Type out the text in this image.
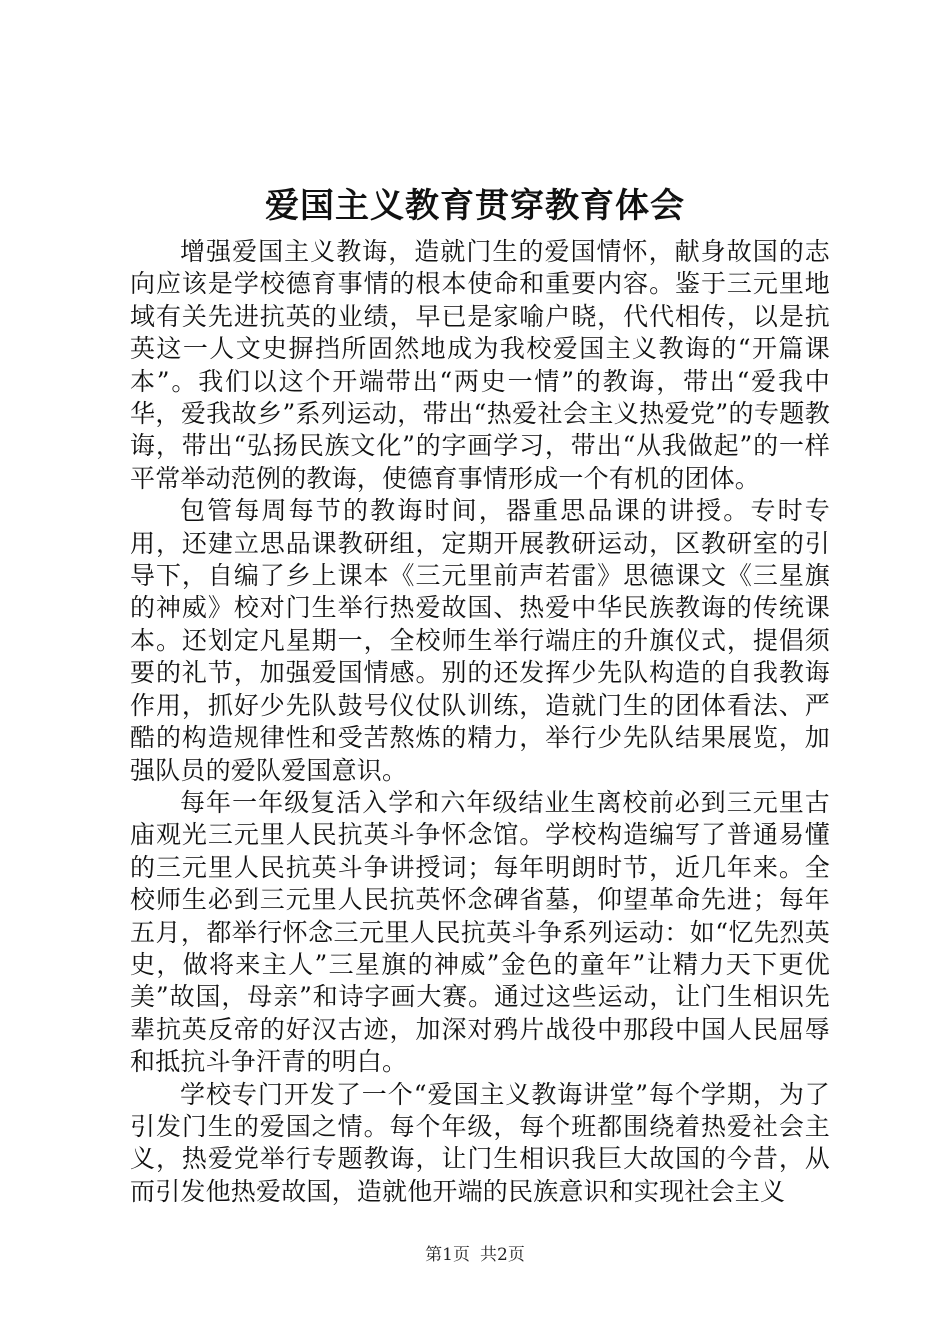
爱国主义教育贯穿教育体会

增强爱国主义教诲，造就门生的爱国情怀，献身故国的志向应该是学校德育事情的根本使命和重要内容。鉴于三元里地域有关先进抗英的业绩，早已是家喻户晓，代代相传，以是抗英这一人文史摒挡所固然地成为我校爱国主义教诲的“开篇课本”。我们以这个开端带出“两史一情”的教诲，带出“爱我中华，爱我故乡”系列运动，带出“热爱社会主义热爱党”的专题教诲，带出“弘扬民族文化”的字画学习，带出“从我做起”的一样平常举动范例的教诲，使德育事情形成一个有机的团体。

包管每周每节的教诲时间，器重思品课的讲授。专时专用，还建立思品课教研组，定期开展教研运动，区教研室的引导下，自编了乡上课本《三元里前声若雷》思德课文《三星旗的神威》校对门生举行热爱故国、热爱中华民族教诲的传统课本。还划定凡星期一，全校师生举行端庄的升旗仪式，提倡须要的礼节，加强爱国情感。别的还发挥少先队构造的自我教诲作用，抓好少先队鼓号仪仗队训练，造就门生的团体看法、严酷的构造规律性和受苦熬炼的精力，举行少先队结果展览，加强队员的爱队爱国意识。

每年一年级复活入学和六年级结业生离校前必到三元里古庙观光三元里人民抗英斗争怀念馆。学校构造编写了普通易懂的三元里人民抗英斗争讲授词；每年明朗时节，近几年来。全校师生必到三元里人民抗英怀念碑省墓，仰望革命先进；每年五月，都举行怀念三元里人民抗英斗争系列运动：如“忆先烈英史，做将来主人”三星旗的神威”金色的童年”让精力天下更优美”故国，母亲”和诗字画大赛。通过这些运动，让门生相识先辈抗英反帝的好汉古迹，加深对鸦片战役中那段中国人民屈辱和抵抗斗争汗青的明白。

学校专门开发了一个“爱国主义教诲讲堂”每个学期，为了引发门生的爱国之情。每个年级，每个班都围绕着热爱社会主义，热爱党举行专题教诲，让门生相识我巨大故国的今昔，从而引发他热爱故国，造就他开端的民族意识和实现社会主义

第1页 共2页
